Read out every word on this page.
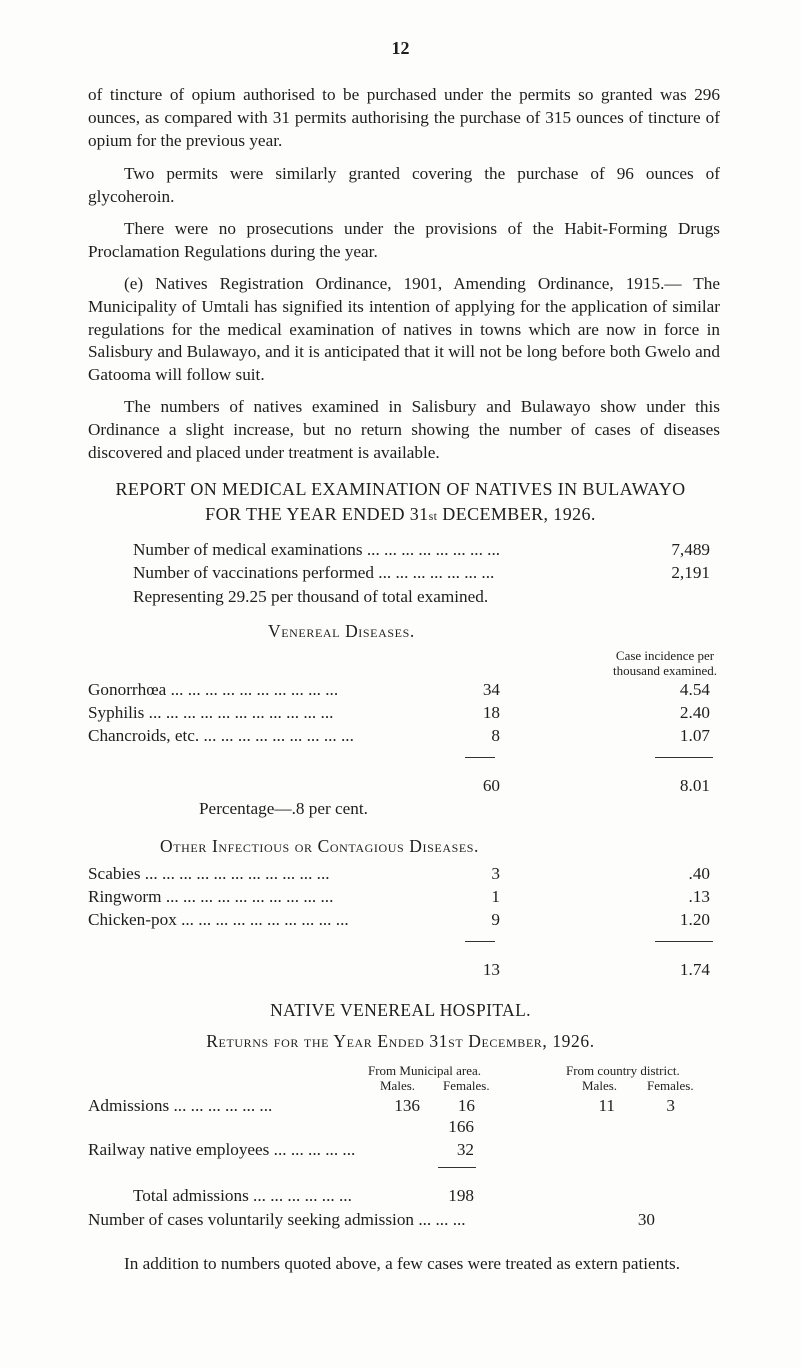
12

of tincture of opium authorised to be purchased under the permits so granted was 296 ounces, as compared with 31 permits authorising the purchase of 315 ounces of tincture of opium for the previous year.

Two permits were similarly granted covering the purchase of 96 ounces of glycoheroin.

There were no prosecutions under the provisions of the Habit-Forming Drugs Proclamation Regulations during the year.

(e) Natives Registration Ordinance, 1901, Amending Ordinance, 1915.— The Municipality of Umtali has signified its intention of applying for the application of similar regulations for the medical examination of natives in towns which are now in force in Salisbury and Bulawayo, and it is anticipated that it will not be long before both Gwelo and Gatooma will follow suit.

The numbers of natives examined in Salisbury and Bulawayo show under this Ordinance a slight increase, but no return showing the number of cases of diseases discovered and placed under treatment is available.

REPORT ON MEDICAL EXAMINATION OF NATIVES IN BULAWAYO
FOR THE YEAR ENDED 31st DECEMBER, 1926.
Number of medical examinations ... ... ... ... ... ... ... ...	7,489
Number of vaccinations performed ... ... ... ... ... ... ...	2,191
Representing 29.25 per thousand of total examined.
Venereal Diseases.
Case incidence per
thousand examined.
Gonorrhœa ... ... ... ... ... ... ... ... ... ...	34	4.54
Syphilis ... ... ... ... ... ... ... ... ... ... ...	18	2.40
Chancroids, etc. ... ... ... ... ... ... ... ... ...	8	1.07
60	8.01
Percentage—.8 per cent.
Other Infectious or Contagious Diseases.
Scabies ... ... ... ... ... ... ... ... ... ... ...	3	.40
Ringworm ... ... ... ... ... ... ... ... ... ...	1	.13
Chicken-pox ... ... ... ... ... ... ... ... ... ...	9	1.20
13	1.74
NATIVE VENEREAL HOSPITAL.
Returns for the Year Ended 31st December, 1926.
From Municipal area.
Males. Females.
From country district.
Males. Females.
Admissions ... ... ... ... ... ...	136	16	11	3
166
Railway native employees ... ... ... ... ...	32
Total admissions ... ... ... ... ... ...	198
Number of cases voluntarily seeking admission ... ... ...	30

In addition to numbers quoted above, a few cases were treated as extern patients.
